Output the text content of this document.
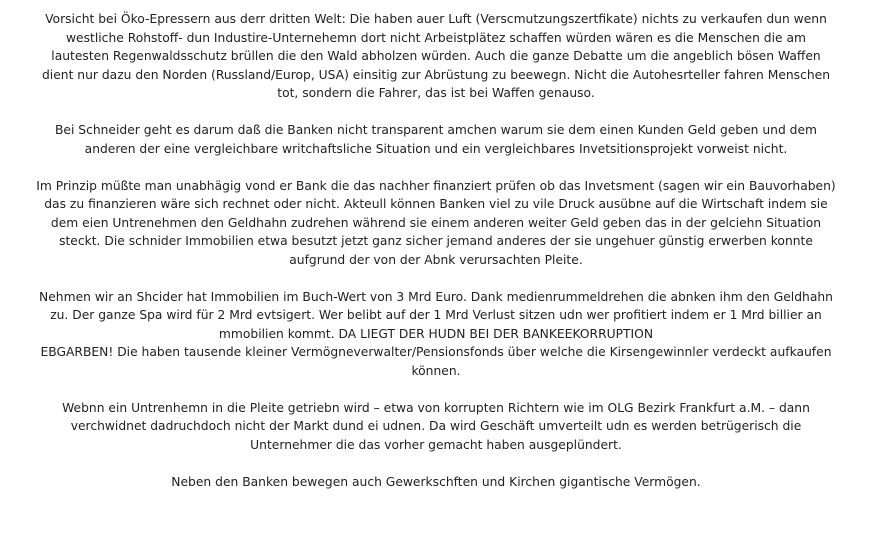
Vorsicht bei Öko-Epressern aus derr dritten Welt: Die haben auer Luft (Verscmutzungszertfikate) nichts zu verkaufen dun wenn
westliche Rohstoff- dun Industire-Unternehemn dort nicht Arbeistplätez schaffen würden wären es die Menschen die am
lautesten Regenwaldsschutz brüllen die den Wald abholzen würden. Auch die ganze Debatte um die angeblich bösen Waffen
dient nur dazu den Norden (Russland/Europ, USA) einsitig zur Abrüstung zu beewegn. Nicht die Autohesrteller fahren Menschen
tot, sondern die Fahrer, das ist bei Waffen genauso.

Bei Schneider geht es darum daß die Banken nicht transparent amchen warum sie dem einen Kunden Geld geben und dem
anderen der eine vergleichbare writchaftsliche Situation und ein vergleichbares Invetsitionsprojekt vorweist nicht.

Im Prinzip müßte man unabhägig vond er Bank die das nachher finanziert prüfen ob das Invetsment (sagen wir ein Bauvorhaben)
das zu finanzieren wäre sich rechnet oder nicht. Akteull können Banken viel zu vile Druck ausübne auf die Wirtschaft indem sie
dem eien Untrenehmen den Geldhahn zudrehen während sie einem anderen weiter Geld geben das in der gelciehn Situation
steckt. Die schnider Immobilien etwa besutzt jetzt ganz sicher jemand anderes der sie ungehuer günstig erwerben konnte
aufgrund der von der Abnk verursachten Pleite.

Nehmen wir an Shcider hat Immobilien im Buch-Wert von 3 Mrd Euro. Dank medienrummeldrehen die abnken ihm den Geldhahn
zu. Der ganze Spa wird für 2 Mrd evtsigert. Wer belibt auf der 1 Mrd Verlust sitzen udn wer profitiert indem er 1 Mrd billier an
mmobilien kommt. DA LIEGT DER HUDN BEI DER BANKEEKORRUPTION
EBGARBEN! Die haben tausende kleiner Vermögneverwalter/Pensionsfonds über welche die Kirsengewinnler verdeckt aufkaufen
können.

Webnn ein Untrenhemn in die Pleite getriebn wird – etwa von korrupten Richtern wie im OLG Bezirk Frankfurt a.M. – dann
verchwidnet dadruchdoch nicht der Markt dund ei udnen. Da wird Geschäft umverteilt udn es werden betrügerisch die
Unternehmer die das vorher gemacht haben ausgeplündert.

Neben den Banken bewegen auch Gewerkschften und Kirchen gigantische Vermögen.
